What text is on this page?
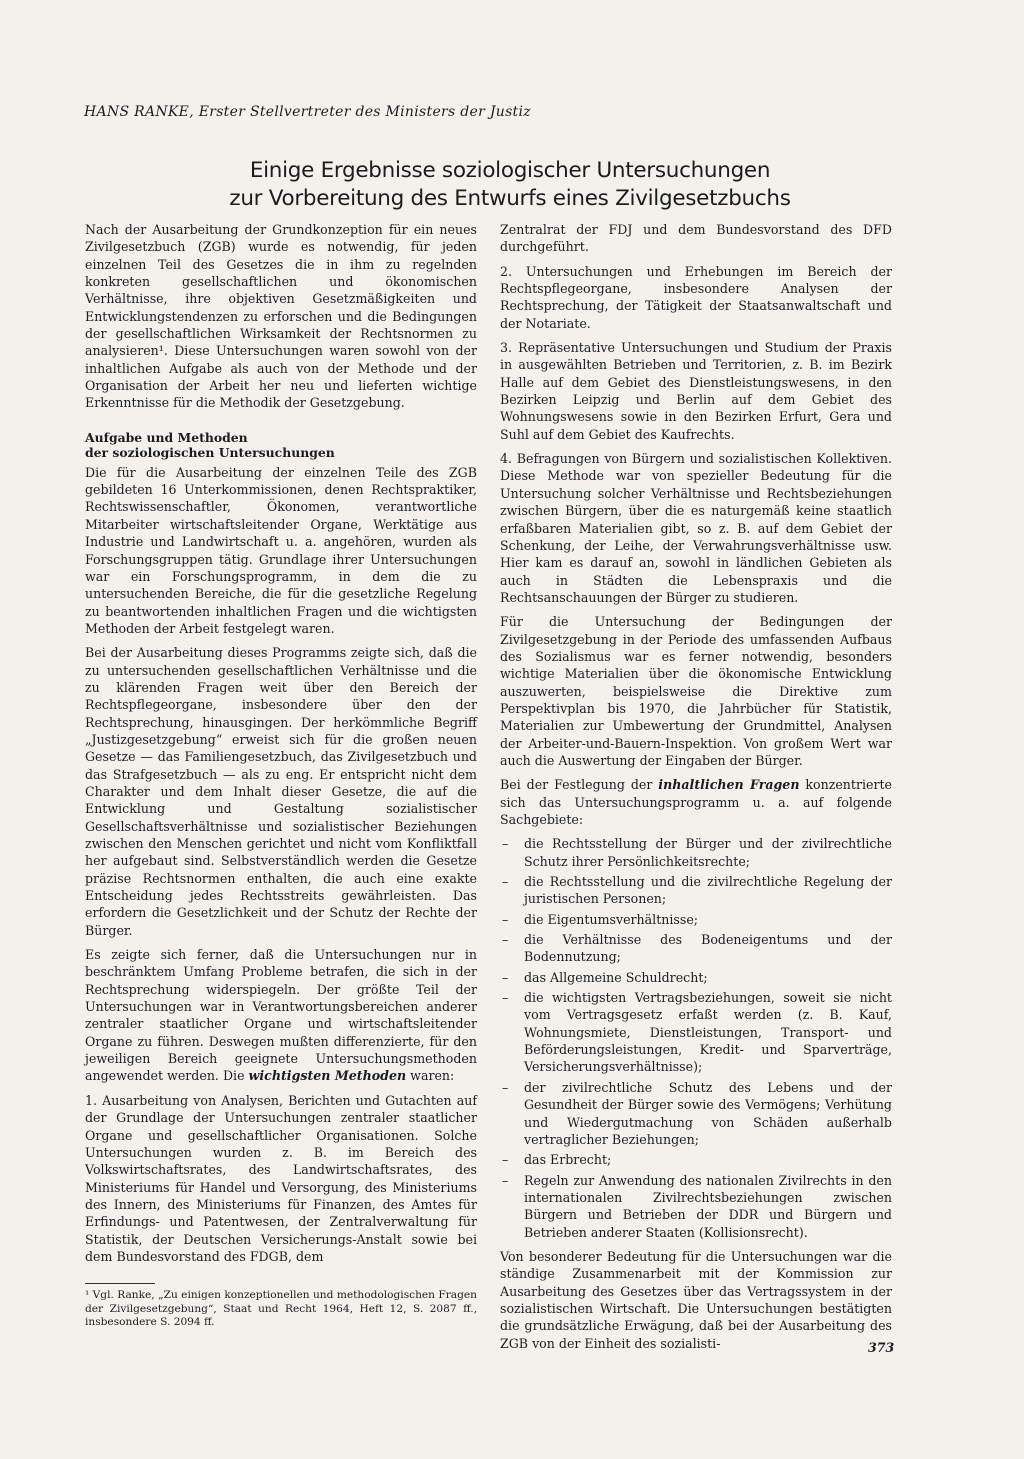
HANS RANKE, Erster Stellvertreter des Ministers der Justiz
Einige Ergebnisse soziologischer Untersuchungen
zur Vorbereitung des Entwurfs eines Zivilgesetzbuchs

Nach der Ausarbeitung der Grundkonzeption für ein neues Zivilgesetzbuch (ZGB) wurde es notwendig, für jeden einzelnen Teil des Gesetzes die in ihm zu regelnden konkreten gesellschaftlichen und ökonomischen Verhältnisse, ihre objektiven Gesetzmäßigkeiten und Entwicklungstendenzen zu erforschen und die Bedingungen der gesellschaftlichen Wirksamkeit der Rechtsnormen zu analysieren¹. Diese Untersuchungen waren sowohl von der inhaltlichen Aufgabe als auch von der Methode und der Organisation der Arbeit her neu und lieferten wichtige Erkenntnisse für die Methodik der Gesetzgebung.

Aufgabe und Methoden
der soziologischen Untersuchungen

Die für die Ausarbeitung der einzelnen Teile des ZGB gebildeten 16 Unterkommissionen, denen Rechtspraktiker, Rechtswissenschaftler, Ökonomen, verantwortliche Mitarbeiter wirtschaftsleitender Organe, Werktätige aus Industrie und Landwirtschaft u. a. angehören, wurden als Forschungsgruppen tätig. Grundlage ihrer Untersuchungen war ein Forschungsprogramm, in dem die zu untersuchenden Bereiche, die für die gesetzliche Regelung zu beantwortenden inhaltlichen Fragen und die wichtigsten Methoden der Arbeit festgelegt waren.

Bei der Ausarbeitung dieses Programms zeigte sich, daß die zu untersuchenden gesellschaftlichen Verhältnisse und die zu klärenden Fragen weit über den Bereich der Rechtspflegeorgane, insbesondere über den der Rechtsprechung, hinausgingen. Der herkömmliche Begriff „Justizgesetzgebung“ erweist sich für die großen neuen Gesetze — das Familiengesetzbuch, das Zivilgesetzbuch und das Strafgesetzbuch — als zu eng. Er entspricht nicht dem Charakter und dem Inhalt dieser Gesetze, die auf die Entwicklung und Gestaltung sozialistischer Gesellschaftsverhältnisse und sozialistischer Beziehungen zwischen den Menschen gerichtet und nicht vom Konfliktfall her aufgebaut sind. Selbstverständlich werden die Gesetze präzise Rechtsnormen enthalten, die auch eine exakte Entscheidung jedes Rechtsstreits gewährleisten. Das erfordern die Gesetzlichkeit und der Schutz der Rechte der Bürger.

Es zeigte sich ferner, daß die Untersuchungen nur in beschränktem Umfang Probleme betrafen, die sich in der Rechtsprechung widerspiegeln. Der größte Teil der Untersuchungen war in Verantwortungsbereichen anderer zentraler staatlicher Organe und wirtschaftsleitender Organe zu führen. Deswegen mußten differenzierte, für den jeweiligen Bereich geeignete Untersuchungsmethoden angewendet werden. Die wichtigsten Methoden waren:

1. Ausarbeitung von Analysen, Berichten und Gutachten auf der Grundlage der Untersuchungen zentraler staatlicher Organe und gesellschaftlicher Organisationen. Solche Untersuchungen wurden z. B. im Bereich des Volkswirtschaftsrates, des Landwirtschaftsrates, des Ministeriums für Handel und Versorgung, des Ministeriums des Innern, des Ministeriums für Finanzen, des Amtes für Erfindungs- und Patentwesen, der Zentralverwaltung für Statistik, der Deutschen Versicherungs-Anstalt sowie bei dem Bundesvorstand des FDGB, dem

¹ Vgl. Ranke, „Zu einigen konzeptionellen und methodologischen Fragen der Zivilgesetzgebung“, Staat und Recht 1964, Heft 12, S. 2087 ff., insbesondere S. 2094 ff.

Zentralrat der FDJ und dem Bundesvorstand des DFD durchgeführt.

2. Untersuchungen und Erhebungen im Bereich der Rechtspflegeorgane, insbesondere Analysen der Rechtsprechung, der Tätigkeit der Staatsanwaltschaft und der Notariate.

3. Repräsentative Untersuchungen und Studium der Praxis in ausgewählten Betrieben und Territorien, z. B. im Bezirk Halle auf dem Gebiet des Dienstleistungswesens, in den Bezirken Leipzig und Berlin auf dem Gebiet des Wohnungswesens sowie in den Bezirken Erfurt, Gera und Suhl auf dem Gebiet des Kaufrechts.

4. Befragungen von Bürgern und sozialistischen Kollektiven. Diese Methode war von spezieller Bedeutung für die Untersuchung solcher Verhältnisse und Rechtsbeziehungen zwischen Bürgern, über die es naturgemäß keine staatlich erfaßbaren Materialien gibt, so z. B. auf dem Gebiet der Schenkung, der Leihe, der Verwahrungsverhältnisse usw. Hier kam es darauf an, sowohl in ländlichen Gebieten als auch in Städten die Lebenspraxis und die Rechtsanschauungen der Bürger zu studieren.

Für die Untersuchung der Bedingungen der Zivilgesetzgebung in der Periode des umfassenden Aufbaus des Sozialismus war es ferner notwendig, besonders wichtige Materialien über die ökonomische Entwicklung auszuwerten, beispielsweise die Direktive zum Perspektivplan bis 1970, die Jahrbücher für Statistik, Materialien zur Umbewertung der Grundmittel, Analysen der Arbeiter-und-Bauern-Inspektion. Von großem Wert war auch die Auswertung der Eingaben der Bürger.

Bei der Festlegung der inhaltlichen Fragen konzentrierte sich das Untersuchungsprogramm u. a. auf folgende Sachgebiete:

– die Rechtsstellung der Bürger und der zivilrechtliche Schutz ihrer Persönlichkeitsrechte;
– die Rechtsstellung und die zivilrechtliche Regelung der juristischen Personen;
– die Eigentumsverhältnisse;
– die Verhältnisse des Bodeneigentums und der Bodennutzung;
– das Allgemeine Schuldrecht;
– die wichtigsten Vertragsbeziehungen, soweit sie nicht vom Vertragsgesetz erfaßt werden (z. B. Kauf, Wohnungsmiete, Dienstleistungen, Transport- und Beförderungsleistungen, Kredit- und Sparverträge, Versicherungsverhältnisse);
– der zivilrechtliche Schutz des Lebens und der Gesundheit der Bürger sowie des Vermögens; Verhütung und Wiedergutmachung von Schäden außerhalb vertraglicher Beziehungen;
– das Erbrecht;
– Regeln zur Anwendung des nationalen Zivilrechts in den internationalen Zivilrechtsbeziehungen zwischen Bürgern und Betrieben der DDR und Bürgern und Betrieben anderer Staaten (Kollisionsrecht).

Von besonderer Bedeutung für die Untersuchungen war die ständige Zusammenarbeit mit der Kommission zur Ausarbeitung des Gesetzes über das Vertragssystem in der sozialistischen Wirtschaft. Die Untersuchungen bestätigten die grundsätzliche Erwägung, daß bei der Ausarbeitung des ZGB von der Einheit des sozialisti-	373
